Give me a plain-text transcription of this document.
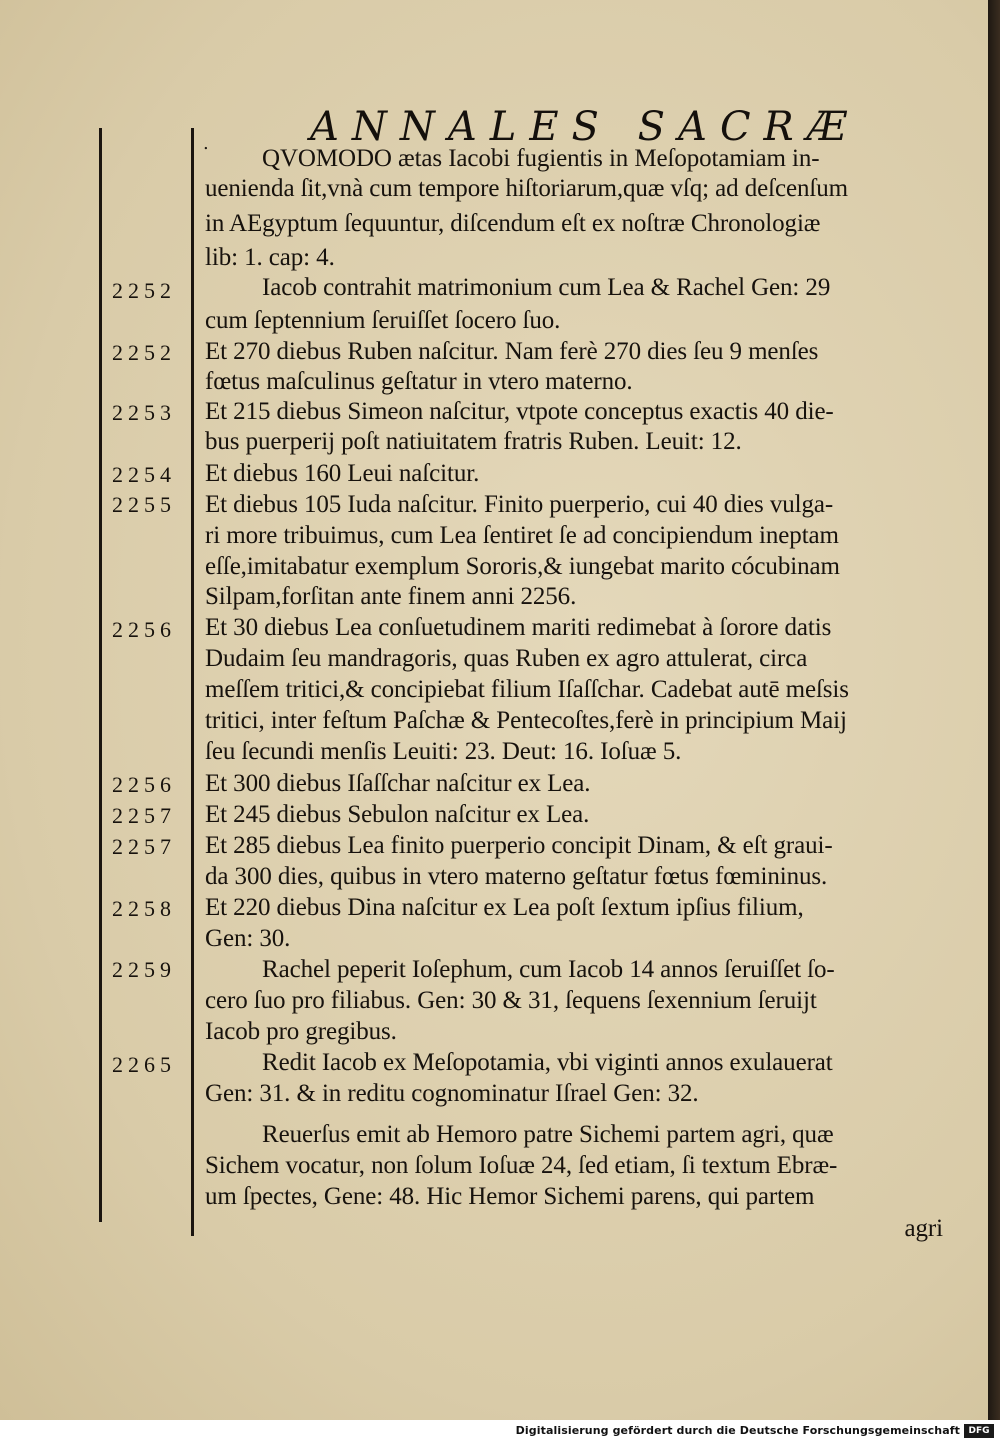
.	ANNALES SACRÆ
QVOMODO ætas Iacobi fugientis in Meſopotamiam in-
uenienda ſit,vnà cum tempore hiſtoriarum,quæ vſq; ad deſcenſum
in AEgyptum ſequuntur, diſcendum eſt ex noſtræ Chronologiæ
lib: 1. cap: 4.
Iacob contrahit matrimonium cum Lea & Rachel Gen: 29
cum ſeptennium ſeruiſſet ſocero ſuo.
Et 270 diebus Ruben naſcitur. Nam ferè 270 dies ſeu 9 menſes
fœtus maſculinus geſtatur in vtero materno.
Et 215 diebus Simeon naſcitur, vtpote conceptus exactis 40 die-
bus puerperij poſt natiuitatem fratris Ruben. Leuit: 12.
Et diebus 160 Leui naſcitur.
Et diebus 105 Iuda naſcitur. Finito puerperio, cui 40 dies vulga-
ri more tribuimus, cum Lea ſentiret ſe ad concipiendum ineptam
eſſe,imitabatur exemplum Sororis,& iungebat marito cócubinam
Silpam,forſitan ante finem anni 2256.
Et 30 diebus Lea conſuetudinem mariti redimebat à ſorore datis
Dudaim ſeu mandragoris, quas Ruben ex agro attulerat, circa
meſſem tritici,& concipiebat filium Iſaſſchar. Cadebat autē meſsis
tritici, inter feſtum Paſchæ & Pentecoſtes,ferè in principium Maij
ſeu ſecundi menſis Leuiti: 23. Deut: 16. Ioſuæ 5.
Et 300 diebus Iſaſſchar naſcitur ex Lea.
Et 245 diebus Sebulon naſcitur ex Lea.
Et 285 diebus Lea finito puerperio concipit Dinam, & eſt graui-
da 300 dies, quibus in vtero materno geſtatur fœtus fœmininus.
Et 220 diebus Dina naſcitur ex Lea poſt ſextum ipſius filium,
Gen: 30.
Rachel peperit Ioſephum, cum Iacob 14 annos ſeruiſſet ſo-
cero ſuo pro filiabus. Gen: 30 & 31, ſequens ſexennium ſeruijt
Iacob pro gregibus.
Redit Iacob ex Meſopotamia, vbi viginti annos exulauerat
Gen: 31. & in reditu cognominatur Iſrael Gen: 32.
Reuerſus emit ab Hemoro patre Sichemi partem agri, quæ
Sichem vocatur, non ſolum Ioſuæ 24, ſed etiam, ſi textum Ebræ-
um ſpectes, Gene: 48. Hic Hemor Sichemi parens, qui partem
agri
2252
2252
2253
2254
2255
2256
2256
2257
2257
2258
2259
2265
Digitalisierung gefördert durch die Deutsche Forschungsgemeinschaft DFG
